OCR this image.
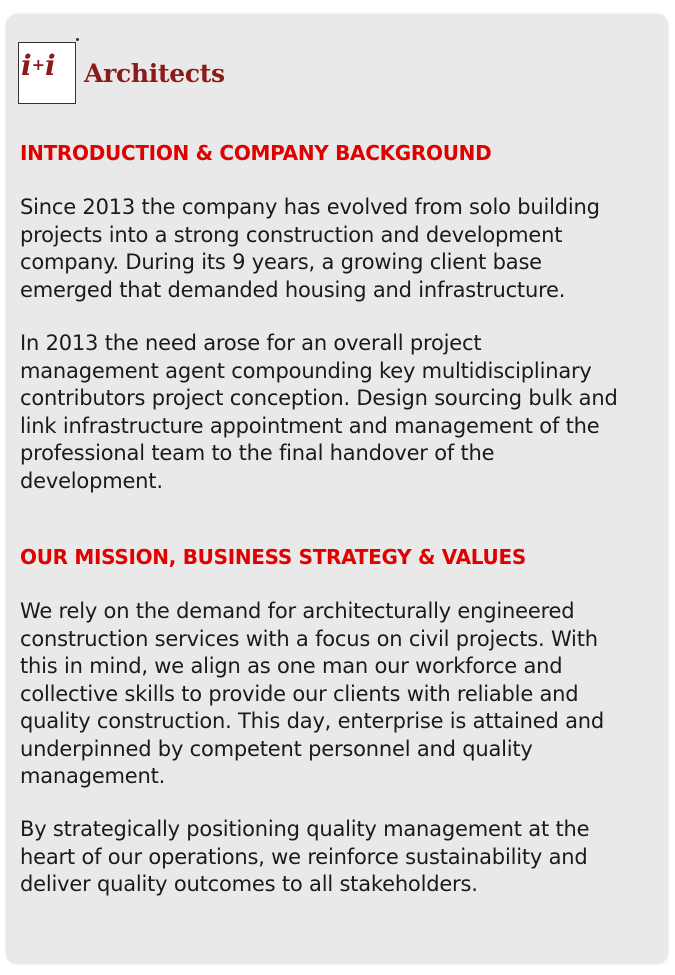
i+i Architects
INTRODUCTION & COMPANY BACKGROUND

Since 2013 the company has evolved from solo building
projects into a strong construction and development
company. During its 9 years, a growing client base
emerged that demanded housing and infrastructure.

In 2013 the need arose for an overall project
management agent compounding key multidisciplinary
contributors project conception. Design sourcing bulk and
link infrastructure appointment and management of the
professional team to the final handover of the
development.

OUR MISSION, BUSINESS STRATEGY & VALUES

We rely on the demand for architecturally engineered
construction services with a focus on civil projects. With
this in mind, we align as one man our workforce and
collective skills to provide our clients with reliable and
quality construction. This day, enterprise is attained and
underpinned by competent personnel and quality
management.

By strategically positioning quality management at the
heart of our operations, we reinforce sustainability and
deliver quality outcomes to all stakeholders.
